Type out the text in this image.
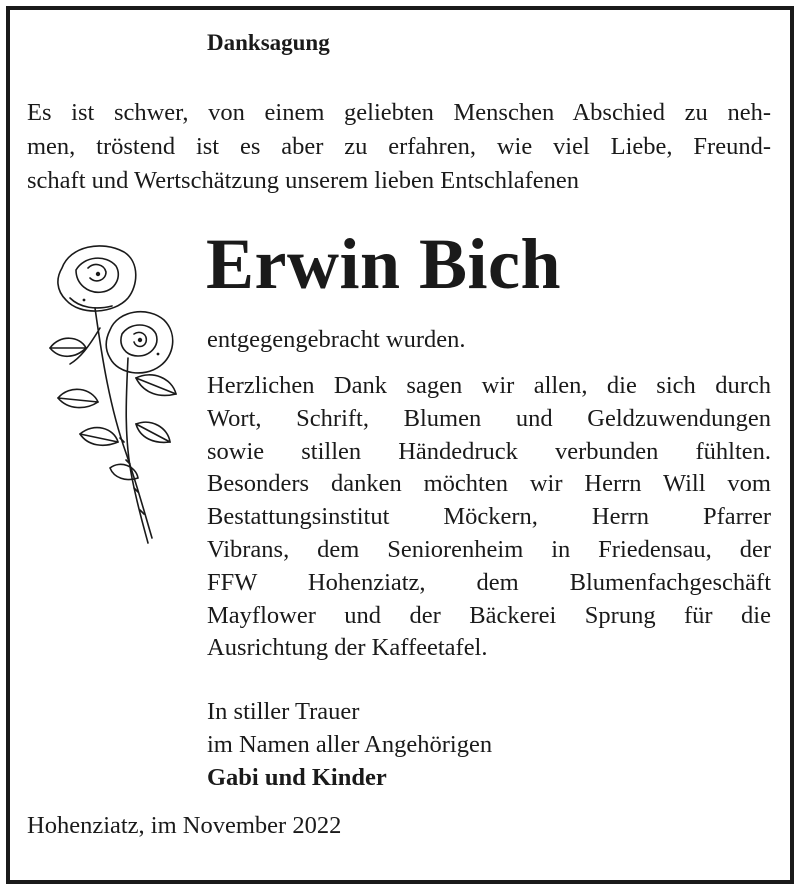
Danksagung
Es ist schwer, von einem geliebten Menschen Abschied zu neh-
men, tröstend ist es aber zu erfahren, wie viel Liebe, Freund-
schaft und Wertschätzung unserem lieben Entschlafenen
Erwin Bich
entgegengebracht wurden.
Herzlichen Dank sagen wir allen, die sich durch
Wort, Schrift, Blumen und Geldzuwendungen
sowie stillen Händedruck verbunden fühlten.
Besonders danken möchten wir Herrn Will vom
Bestattungsinstitut Möckern, Herrn Pfarrer
Vibrans, dem Seniorenheim in Friedensau, der
FFW Hohenziatz, dem Blumenfachgeschäft
Mayflower und der Bäckerei Sprung für die
Ausrichtung der Kaffeetafel.
In stiller Trauer
im Namen aller Angehörigen
Gabi und Kinder
Hohenziatz, im November 2022
